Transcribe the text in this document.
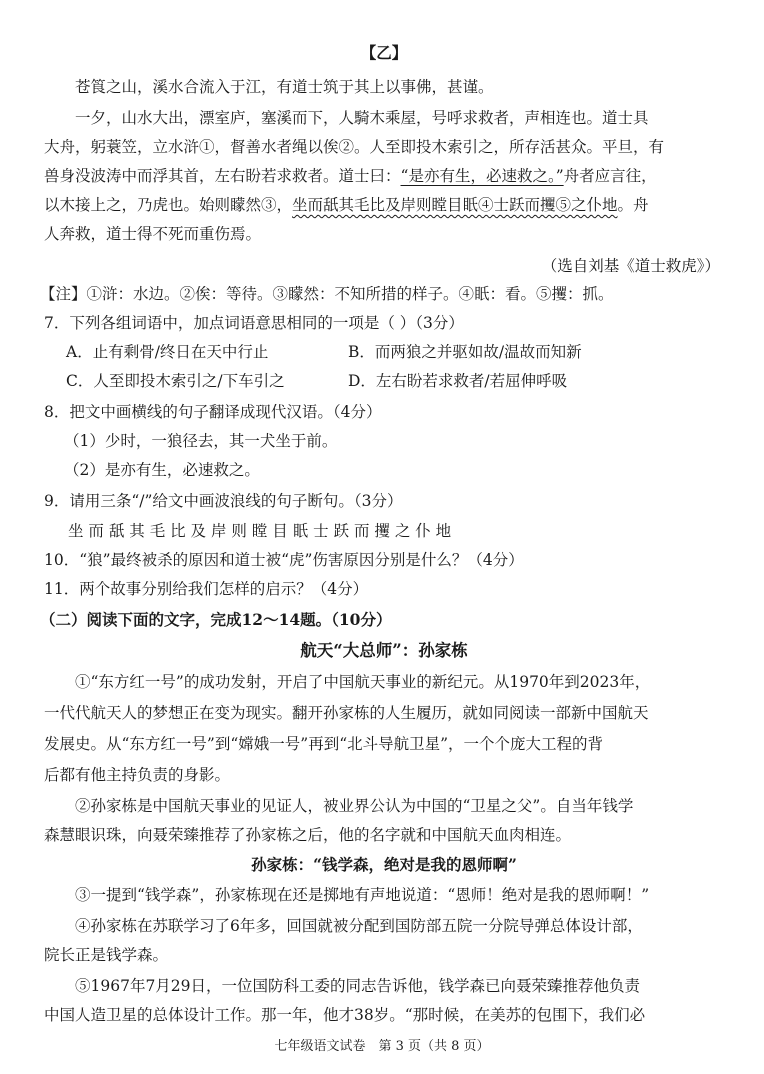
【乙】
苍筤之山，溪水合流入于江，有道士筑于其上以事佛，甚谨。
一夕，山水大出，漂室庐，塞溪而下，人騎木乘屋，号呼求救者，声相连也。道士具
大舟，躬蓑笠，立水浒①，督善水者绳以俟②。人至即投木索引之，所存活甚众。平旦，有
兽身没波涛中而浮其首，左右盼若求救者。道士曰：“是亦有生，必速救之。”舟者应言往，
以木接上之，乃虎也。始则矇然③，坐而舐其毛比及岸则瞠目眂④士跃而攫⑤之仆地。舟
人奔救，道士得不死而重伤焉。
（选自刘基《道士救虎》）
【注】①浒：水边。②俟：等待。③矇然：不知所措的样子。④眂：看。⑤攫：抓。
7．下列各组词语中，加点词语意思相同的一项是（ ）（3分）
A．止有剩骨/终日在天中行止	B．而两狼之并驱如故/温故而知新
C．人至即投木索引之/下车引之	D．左右盼若求救者/若屈伸呼吸
8．把文中画横线的句子翻译成现代汉语。（4分）
（1）少时，一狼径去，其一犬坐于前。
（2）是亦有生，必速救之。
9．请用三条“/”给文中画波浪线的句子断句。（3分）
坐 而 舐 其 毛 比 及 岸 则 瞠 目 眂 士 跃 而 攫 之 仆 地
10．“狼”最终被杀的原因和道士被“虎”伤害原因分别是什么？（4分）
11．两个故事分别给我们怎样的启示？（4分）
（二）阅读下面的文字，完成12～14题。（10分）
航天“大总师”：孙家栋
①“东方红一号”的成功发射，开启了中国航天事业的新纪元。从1970年到2023年，
一代代航天人的梦想正在变为现实。翻开孙家栋的人生履历，就如同阅读一部新中国航天
发展史。从“东方红一号”到“嫦娥一号”再到“北斗导航卫星”，一个个庞大工程的背
后都有他主持负责的身影。
②孙家栋是中国航天事业的见证人，被业界公认为中国的“卫星之父”。自当年钱学
森慧眼识珠，向聂荣臻推荐了孙家栋之后，他的名字就和中国航天血肉相连。
孙家栋：“钱学森，绝对是我的恩师啊”
③一提到“钱学森”，孙家栋现在还是掷地有声地说道：“恩师！绝对是我的恩师啊！”
④孙家栋在苏联学习了6年多，回国就被分配到国防部五院一分院导弹总体设计部，
院长正是钱学森。
⑤1967年7月29日，一位国防科工委的同志告诉他，钱学森已向聂荣臻推荐他负责
中国人造卫星的总体设计工作。那一年，他才38岁。“那时候，在美苏的包围下，我们必
七年级语文试卷　第 3 页（共 8 页）
